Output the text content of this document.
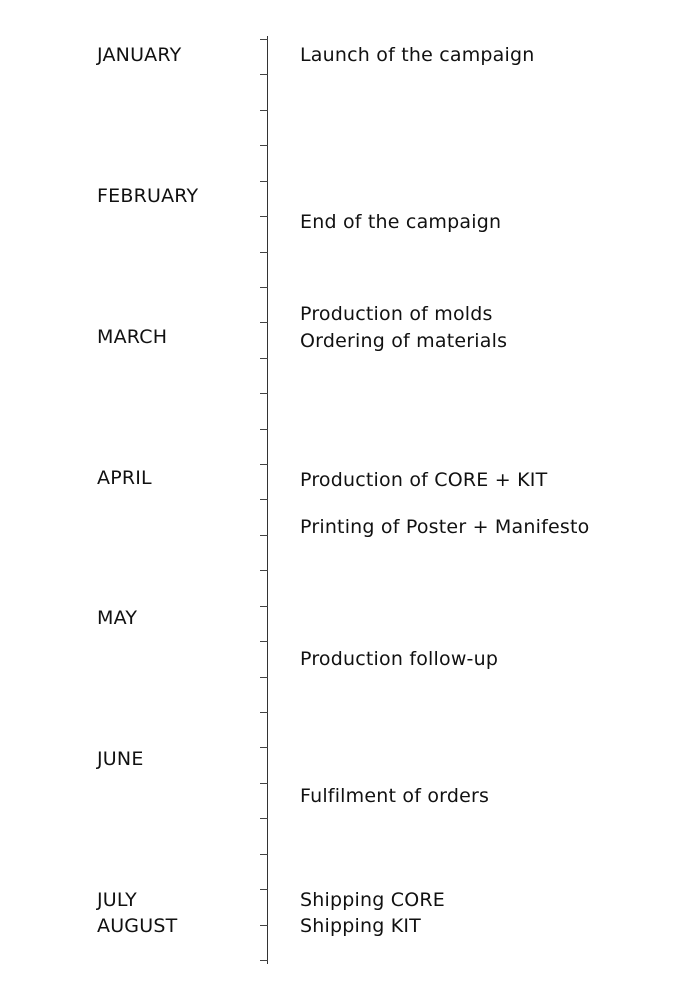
JANUARY
FEBRUARY
MARCH
APRIL
MAY
JUNE
JULY
AUGUST
Launch of the campaign
End of the campaign
Production of molds
Ordering of materials
Production of CORE + KIT
Printing of Poster + Manifesto
Production follow-up
Fulfilment of orders
Shipping CORE
Shipping KIT
